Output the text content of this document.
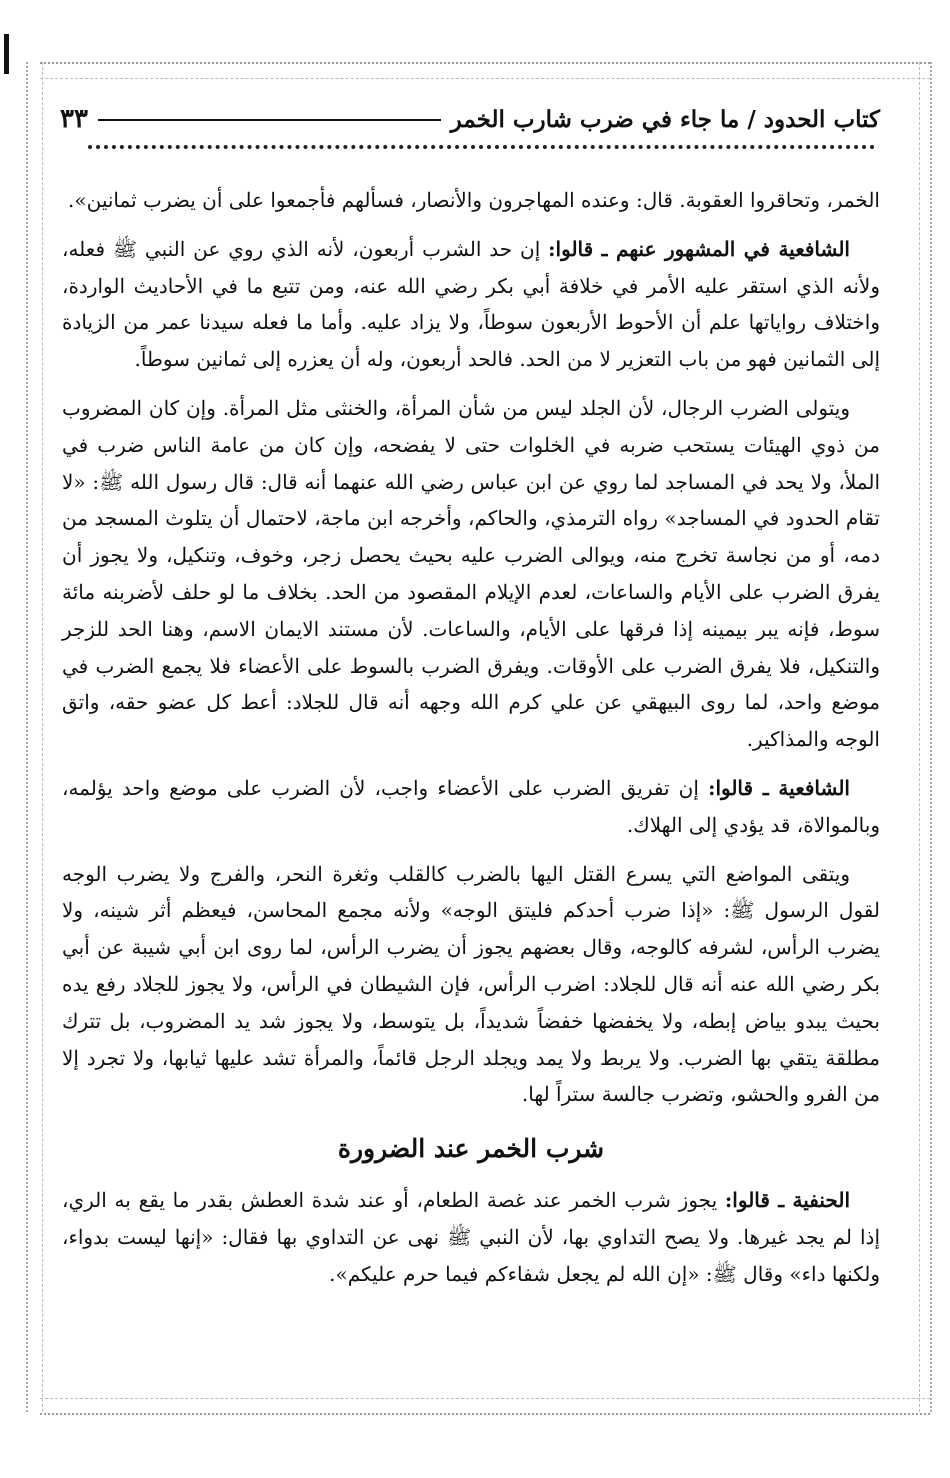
كتاب الحدود / ما جاء في ضرب شارب الخمر
٣٣

الخمر، وتحاقروا العقوبة. قال: وعنده المهاجرون والأنصار، فسألهم فأجمعوا على أن يضرب ثمانين».

الشافعية في المشهور عنهم ـ قالوا: إن حد الشرب أربعون، لأنه الذي روي عن النبي ﷺ فعله، ولأنه الذي استقر عليه الأمر في خلافة أبي بكر رضي الله عنه، ومن تتبع ما في الأحاديث الواردة، واختلاف رواياتها علم أن الأحوط الأربعون سوطاً، ولا يزاد عليه. وأما ما فعله سيدنا عمر من الزيادة إلى الثمانين فهو من باب التعزير لا من الحد. فالحد أربعون، وله أن يعزره إلى ثمانين سوطاً.

ويتولى الضرب الرجال، لأن الجلد ليس من شأن المرأة، والخنثى مثل المرأة. وإن كان المضروب من ذوي الهيئات يستحب ضربه في الخلوات حتى لا يفضحه، وإن كان من عامة الناس ضرب في الملأ، ولا يحد في المساجد لما روي عن ابن عباس رضي الله عنهما أنه قال: قال رسول الله ﷺ: «لا تقام الحدود في المساجد» رواه الترمذي، والحاكم، وأخرجه ابن ماجة، لاحتمال أن يتلوث المسجد من دمه، أو من نجاسة تخرج منه، ويوالى الضرب عليه بحيث يحصل زجر، وخوف، وتنكيل، ولا يجوز أن يفرق الضرب على الأيام والساعات، لعدم الإيلام المقصود من الحد. بخلاف ما لو حلف لأضربنه مائة سوط، فإنه يبر بيمينه إذا فرقها على الأيام، والساعات. لأن مستند الايمان الاسم، وهنا الحد للزجر والتنكيل، فلا يفرق الضرب على الأوقات. ويفرق الضرب بالسوط على الأعضاء فلا يجمع الضرب في موضع واحد، لما روى البيهقي عن علي كرم الله وجهه أنه قال للجلاد: أعط كل عضو حقه، واتق الوجه والمذاكير.

الشافعية ـ قالوا: إن تفريق الضرب على الأعضاء واجب، لأن الضرب على موضع واحد يؤلمه، وبالموالاة، قد يؤدي إلى الهلاك.

ويتقى المواضع التي يسرع القتل اليها بالضرب كالقلب وثغرة النحر، والفرج ولا يضرب الوجه لقول الرسول ﷺ: «إذا ضرب أحدكم فليتق الوجه» ولأنه مجمع المحاسن، فيعظم أثر شينه، ولا يضرب الرأس، لشرفه كالوجه، وقال بعضهم يجوز أن يضرب الرأس، لما روى ابن أبي شيبة عن أبي بكر رضي الله عنه أنه قال للجلاد: اضرب الرأس، فإن الشيطان في الرأس، ولا يجوز للجلاد رفع يده بحيث يبدو بياض إبطه، ولا يخفضها خفضاً شديداً، بل يتوسط، ولا يجوز شد يد المضروب، بل تترك مطلقة يتقي بها الضرب. ولا يربط ولا يمد ويجلد الرجل قائماً، والمرأة تشد عليها ثيابها، ولا تجرد إلا من الفرو والحشو، وتضرب جالسة ستراً لها.

شرب الخمر عند الضرورة

الحنفية ـ قالوا: يجوز شرب الخمر عند غصة الطعام، أو عند شدة العطش بقدر ما يقع به الري، إذا لم يجد غيرها. ولا يصح التداوي بها، لأن النبي ﷺ نهى عن التداوي بها فقال: «إنها ليست بدواء، ولكنها داء» وقال ﷺ: «إن الله لم يجعل شفاءكم فيما حرم عليكم».
